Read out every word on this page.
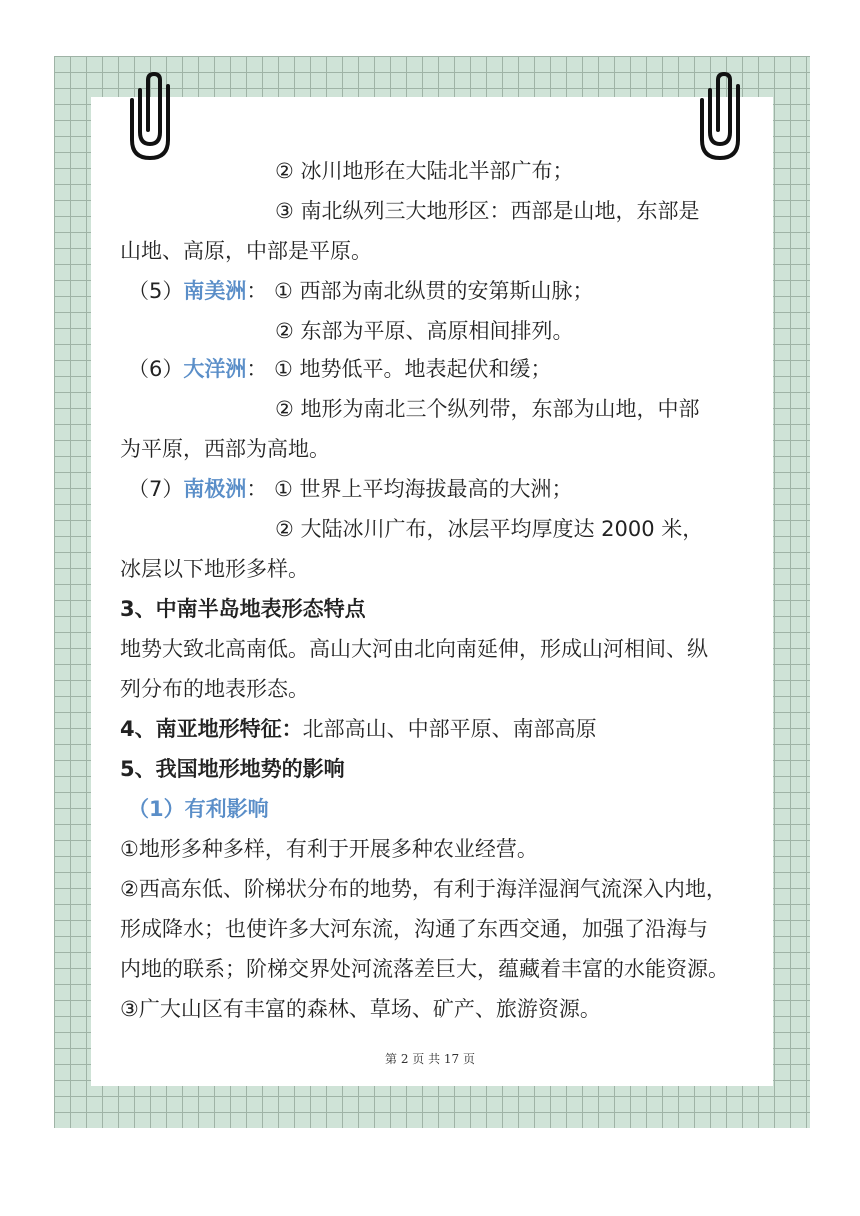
② 冰川地形在大陆北半部广布；
③ 南北纵列三大地形区：西部是山地，东部是
山地、高原，中部是平原。
（5）南美洲： ① 西部为南北纵贯的安第斯山脉；
② 东部为平原、高原相间排列。
（6）大洋洲： ① 地势低平。地表起伏和缓；
② 地形为南北三个纵列带，东部为山地，中部
为平原，西部为高地。
（7）南极洲： ① 世界上平均海拔最高的大洲；
② 大陆冰川广布，冰层平均厚度达 2000 米，
冰层以下地形多样。
3、中南半岛地表形态特点
地势大致北高南低。高山大河由北向南延伸，形成山河相间、纵
列分布的地表形态。
4、南亚地形特征：北部高山、中部平原、南部高原
5、我国地形地势的影响
（1）有利影响
①地形多种多样，有利于开展多种农业经营。
②西高东低、阶梯状分布的地势，有利于海洋湿润气流深入内地，
形成降水；也使许多大河东流，沟通了东西交通，加强了沿海与
内地的联系；阶梯交界处河流落差巨大，蕴藏着丰富的水能资源。
③广大山区有丰富的森林、草场、矿产、旅游资源。
第 2 页 共 17 页
